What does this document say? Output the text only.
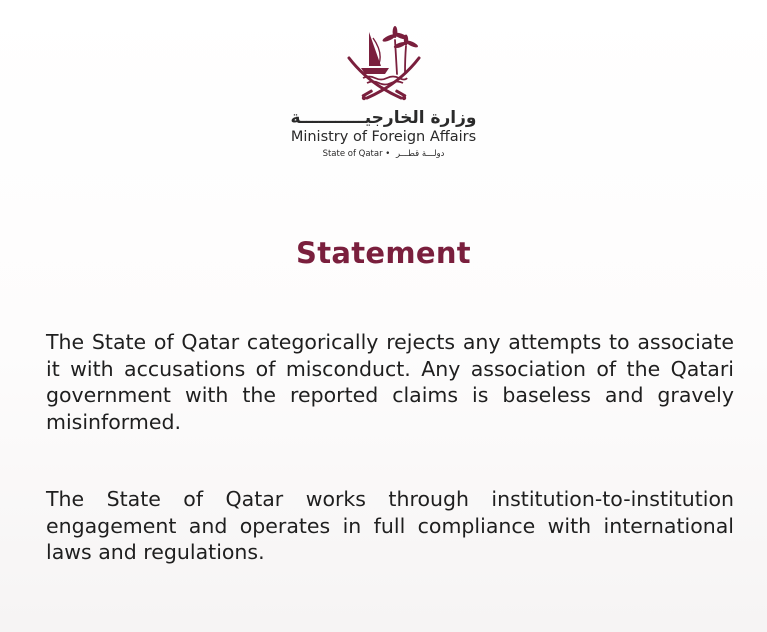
وزارة الخارجيـــــــــــة
Ministry of Foreign Affairs
State of Qatar • دولـــة قطـــر
Statement

The State of Qatar categorically rejects any attempts to associate it with accusations of misconduct. Any association of the Qatari government with the reported claims is baseless and gravely misinformed.

The State of Qatar works through institution-to-institution engagement and operates in full compliance with international laws and regulations.
